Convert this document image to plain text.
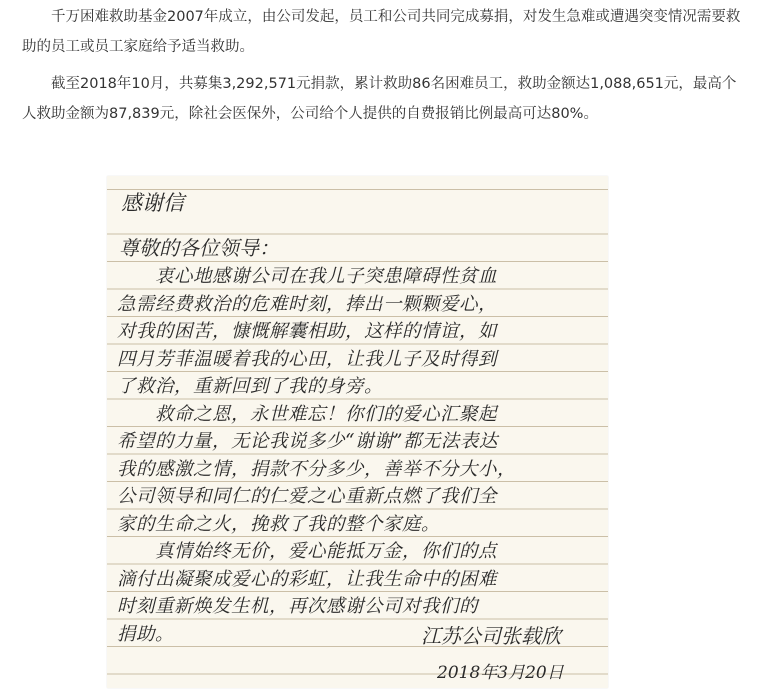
千万困难救助基金2007年成立，由公司发起，员工和公司共同完成募捐，对发生急难或遭遇突变情况需要救助的员工或员工家庭给予适当救助。

截至2018年10月，共募集3,292,571元捐款，累计救助86名困难员工，救助金额达1,088,651元，最高个人救助金额为87,839元，除社会医保外，公司给个人提供的自费报销比例最高可达80%。

感谢信
尊敬的各位领导：
　　衷心地感谢公司在我儿子突患障碍性贫血
急需经费救治的危难时刻，捧出一颗颗爱心，
对我的困苦，慷慨解囊相助，这样的情谊，如
四月芳菲温暖着我的心田，让我儿子及时得到
了救治，重新回到了我的身旁。
　　救命之恩，永世难忘！你们的爱心汇聚起
希望的力量，无论我说多少“谢谢”都无法表达
我的感激之情，捐款不分多少，善举不分大小，
公司领导和同仁的仁爱之心重新点燃了我们全
家的生命之火，挽救了我的整个家庭。
　　真情始终无价，爱心能抵万金，你们的点
滴付出凝聚成爱心的彩虹，让我生命中的困难
时刻重新焕发生机，再次感谢公司对我们的
捐助。	江苏公司张载欣
2018年3月20日
